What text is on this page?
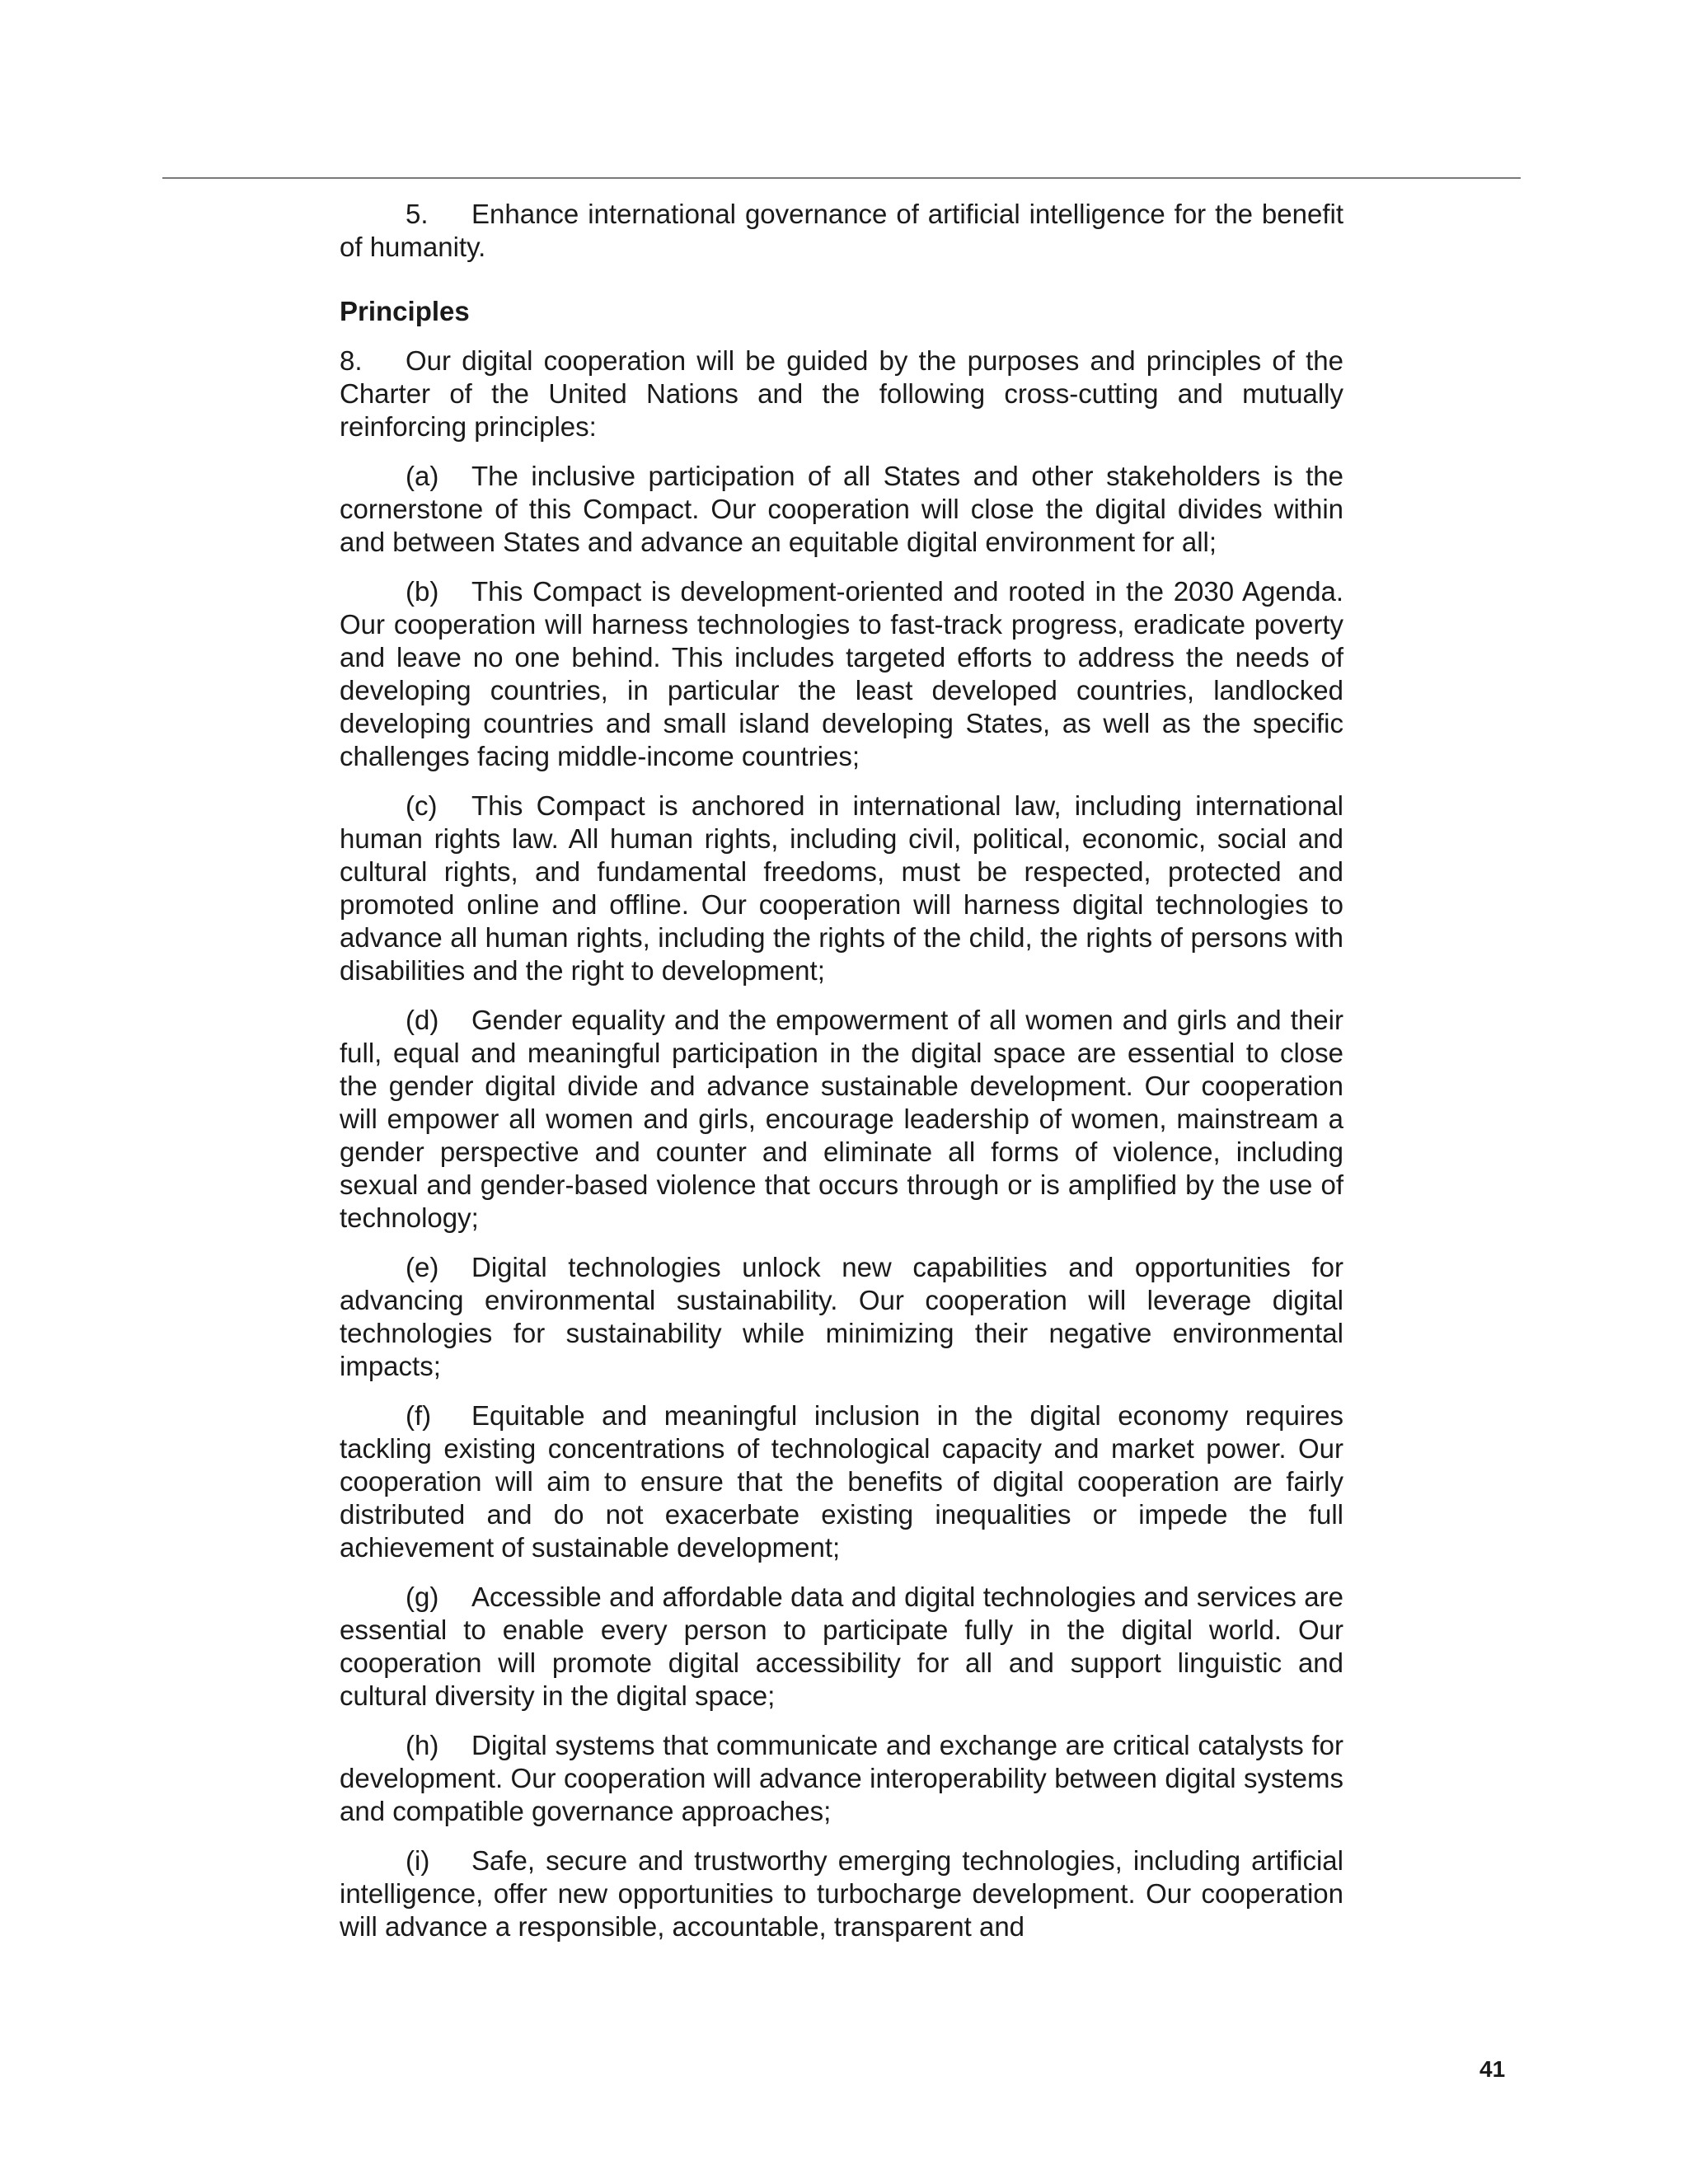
5. Enhance international governance of artificial intelligence for the benefit of humanity.

Principles

8. Our digital cooperation will be guided by the purposes and principles of the Charter of the United Nations and the following cross-cutting and mutually reinforcing principles:

(a) The inclusive participation of all States and other stakeholders is the cornerstone of this Compact. Our cooperation will close the digital divides within and between States and advance an equitable digital environment for all;

(b) This Compact is development-oriented and rooted in the 2030 Agenda. Our cooperation will harness technologies to fast-track progress, eradicate poverty and leave no one behind. This includes targeted efforts to address the needs of developing countries, in particular the least developed countries, landlocked developing countries and small island developing States, as well as the specific challenges facing middle-income countries;

(c) This Compact is anchored in international law, including international human rights law. All human rights, including civil, political, economic, social and cultural rights, and fundamental freedoms, must be respected, protected and promoted online and offline. Our cooperation will harness digital technologies to advance all human rights, including the rights of the child, the rights of persons with disabilities and the right to development;

(d) Gender equality and the empowerment of all women and girls and their full, equal and meaningful participation in the digital space are essential to close the gender digital divide and advance sustainable development. Our cooperation will empower all women and girls, encourage leadership of women, mainstream a gender perspective and counter and eliminate all forms of violence, including sexual and gender-based violence that occurs through or is amplified by the use of technology;

(e) Digital technologies unlock new capabilities and opportunities for advancing environmental sustainability. Our cooperation will leverage digital technologies for sustainability while minimizing their negative environmental impacts;

(f) Equitable and meaningful inclusion in the digital economy requires tackling existing concentrations of technological capacity and market power. Our cooperation will aim to ensure that the benefits of digital cooperation are fairly distributed and do not exacerbate existing inequalities or impede the full achievement of sustainable development;

(g) Accessible and affordable data and digital technologies and services are essential to enable every person to participate fully in the digital world. Our cooperation will promote digital accessibility for all and support linguistic and cultural diversity in the digital space;

(h) Digital systems that communicate and exchange are critical catalysts for development. Our cooperation will advance interoperability between digital systems and compatible governance approaches;

(i) Safe, secure and trustworthy emerging technologies, including artificial intelligence, offer new opportunities to turbocharge development. Our cooperation will advance a responsible, accountable, transparent and

41
